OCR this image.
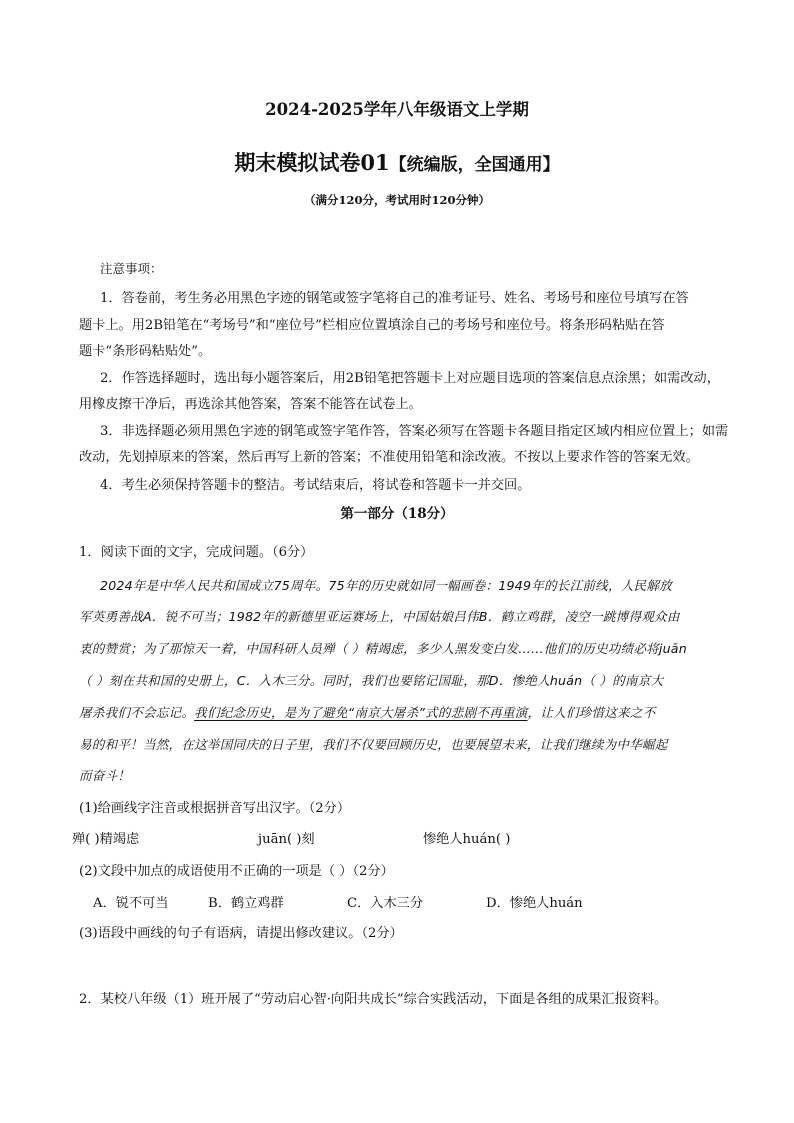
2024-2025学年八年级语文上学期
期末模拟试卷01【统编版，全国通用】
（满分120分，考试用时120分钟）
注意事项：
1．答卷前，考生务必用黑色字迹的钢笔或签字笔将自己的准考证号、姓名、考场号和座位号填写在答
题卡上。用2B铅笔在“考场号”和“座位号”栏相应位置填涂自己的考场号和座位号。将条形码粘贴在答
题卡“条形码粘贴处”。
2．作答选择题时，选出每小题答案后，用2B铅笔把答题卡上对应题目选项的答案信息点涂黑；如需改动，
用橡皮擦干净后，再选涂其他答案，答案不能答在试卷上。
3．非选择题必须用黑色字迹的钢笔或签字笔作答，答案必须写在答题卡各题目指定区域内相应位置上；如需
改动，先划掉原来的答案，然后再写上新的答案；不准使用铅笔和涂改液。不按以上要求作答的答案无效。
4．考生必须保持答题卡的整洁。考试结束后，将试卷和答题卡一并交回。
第一部分（18分）
1．阅读下面的文字，完成问题。（6分）
2024年是中华人民共和国成立75周年。75年的历史就如同一幅画卷：1949年的长江前线，人民解放
军英勇善战A．锐不可当；1982年的新德里亚运赛场上，中国姑娘吕伟B．鹤立鸡群，凌空一跳博得观众由
衷的赞赏；为了那惊天一着，中国科研人员殚（ ）精竭虑，多少人黑发变白发……他们的历史功绩必将juān
（ ）刻在共和国的史册上，C．入木三分。同时，我们也要铭记国耻，那D．惨绝人huán（ ）的南京大
屠杀我们不会忘记。我们纪念历史，是为了避免“南京大屠杀”式的悲剧不再重演，让人们珍惜这来之不
易的和平！当然，在这举国同庆的日子里，我们不仅要回顾历史，也要展望未来，让我们继续为中华崛起
而奋斗！
(1)给画线字注音或根据拼音写出汉字。（2分）
殚( )精竭虑	juān( )刻	惨绝人huán( )
(2)文段中加点的成语使用不正确的一项是（ ）（2分）
A．锐不可当	B．鹤立鸡群	C．入木三分	D．惨绝人huán
(3)语段中画线的句子有语病，请提出修改建议。（2分）
2．某校八年级（1）班开展了“劳动启心智·向阳共成长”综合实践活动，下面是各组的成果汇报资料。
